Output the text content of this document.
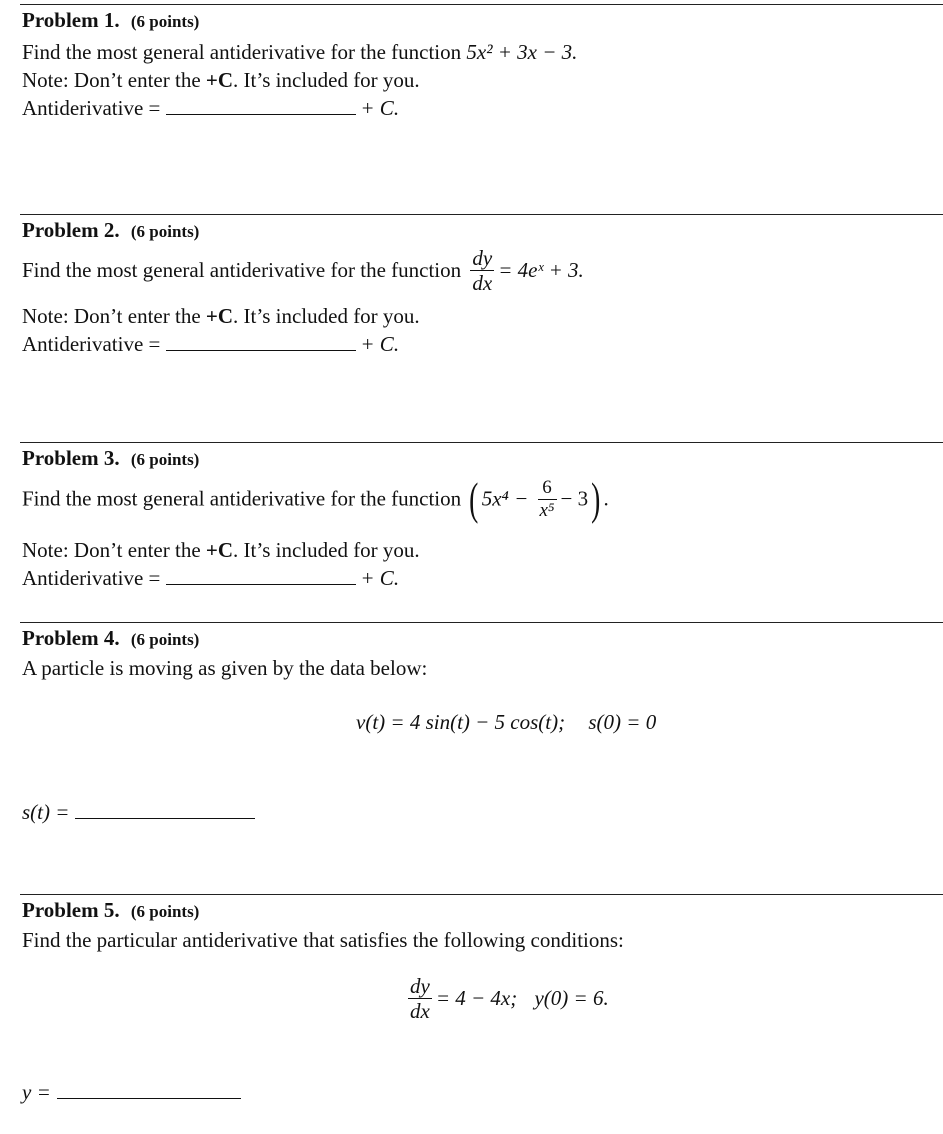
Problem 1. (6 points)
Find the most general antiderivative for the function 5x² + 3x − 3.
Note: Don’t enter the +C. It’s included for you.
Antiderivative =	+ C.
Problem 2. (6 points)
Find the most general antiderivative for the function $\frac{dy}{dx}$ = 4eˣ + 3.
Note: Don’t enter the +C. It’s included for you.
Antiderivative =	+ C.
Problem 3. (6 points)
Find the most general antiderivative for the function ( $5x^4 - \frac{6}{\text{x⁵}} - 3$) .
Note: Don’t enter the +C. It’s included for you.
Antiderivative =	+ C.
Problem 4. (6 points)
A particle is moving as given by the data below:
v(t) = 4 sin(t) − 5 cos(t); s(0) = 0
s(t) =
Problem 5. (6 points)
Find the particular antiderivative that satisfies the following conditions:
$\frac{dy}{dx} = 4 - 4x$; y(0) = 6.
y =
